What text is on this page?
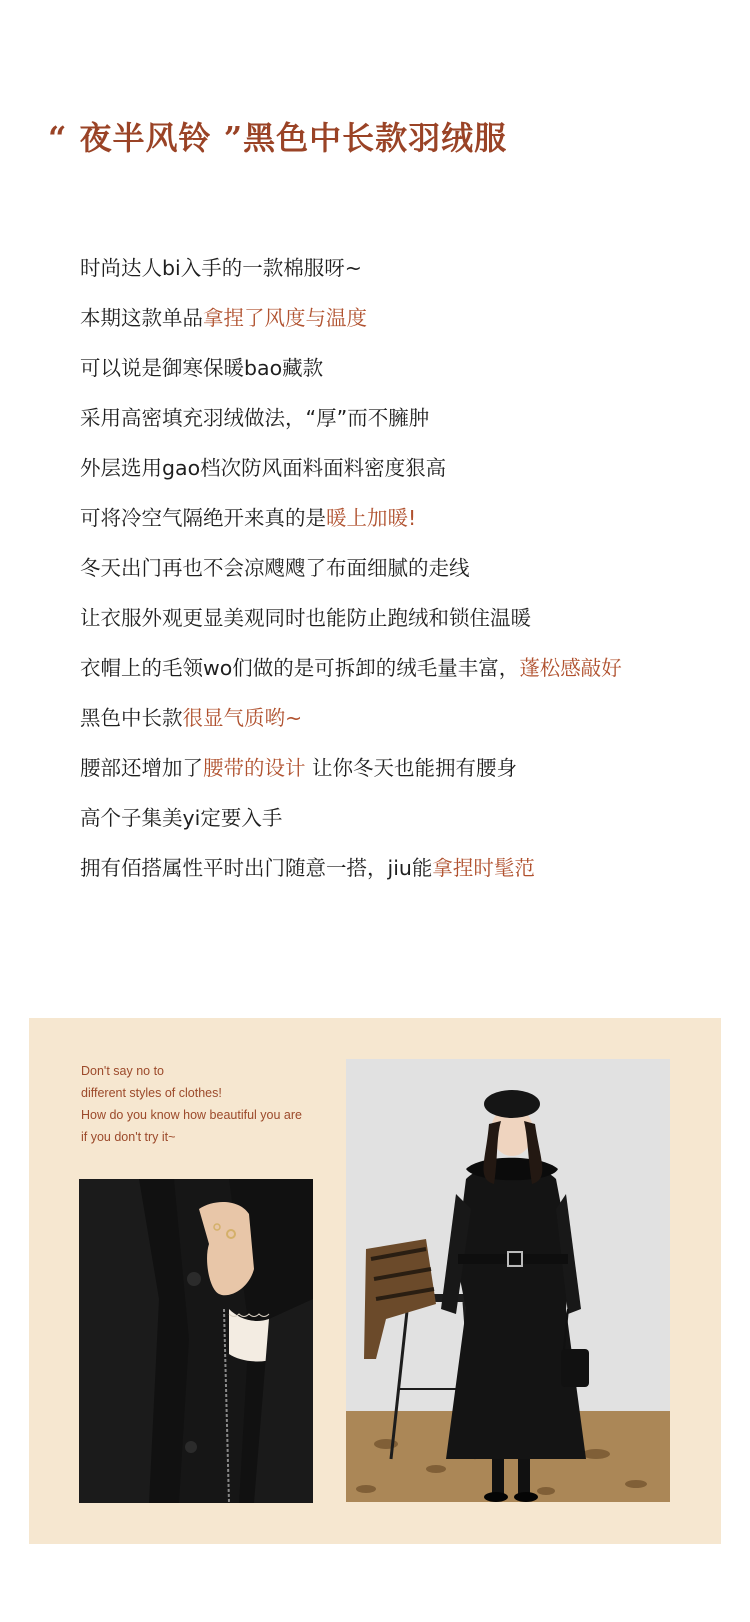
“ 夜半风铃 ”黑色中长款羽绒服
时尚达人bi入手的一款棉服呀~
本期这款单品拿捏了风度与温度
可以说是御寒保暖bao藏款
采用高密填充羽绒做法，“厚”而不臃肿
外层选用gao档次防风面料面料密度狠高
可将冷空气隔绝开来真的是暖上加暖!
冬天出门再也不会凉飕飕了布面细腻的走线
让衣服外观更显美观同时也能防止跑绒和锁住温暖
衣帽上的毛领wo们做的是可拆卸的绒毛量丰富，蓬松感敲好
黑色中长款很显气质哟~
腰部还增加了腰带的设计 让你冬天也能拥有腰身
高个子集美yi定要入手
拥有佰搭属性平时出门随意一搭，jiu能拿捏时髦范
Don't say no to
different styles of clothes!
How do you know how beautiful you are
if you don't try it~
